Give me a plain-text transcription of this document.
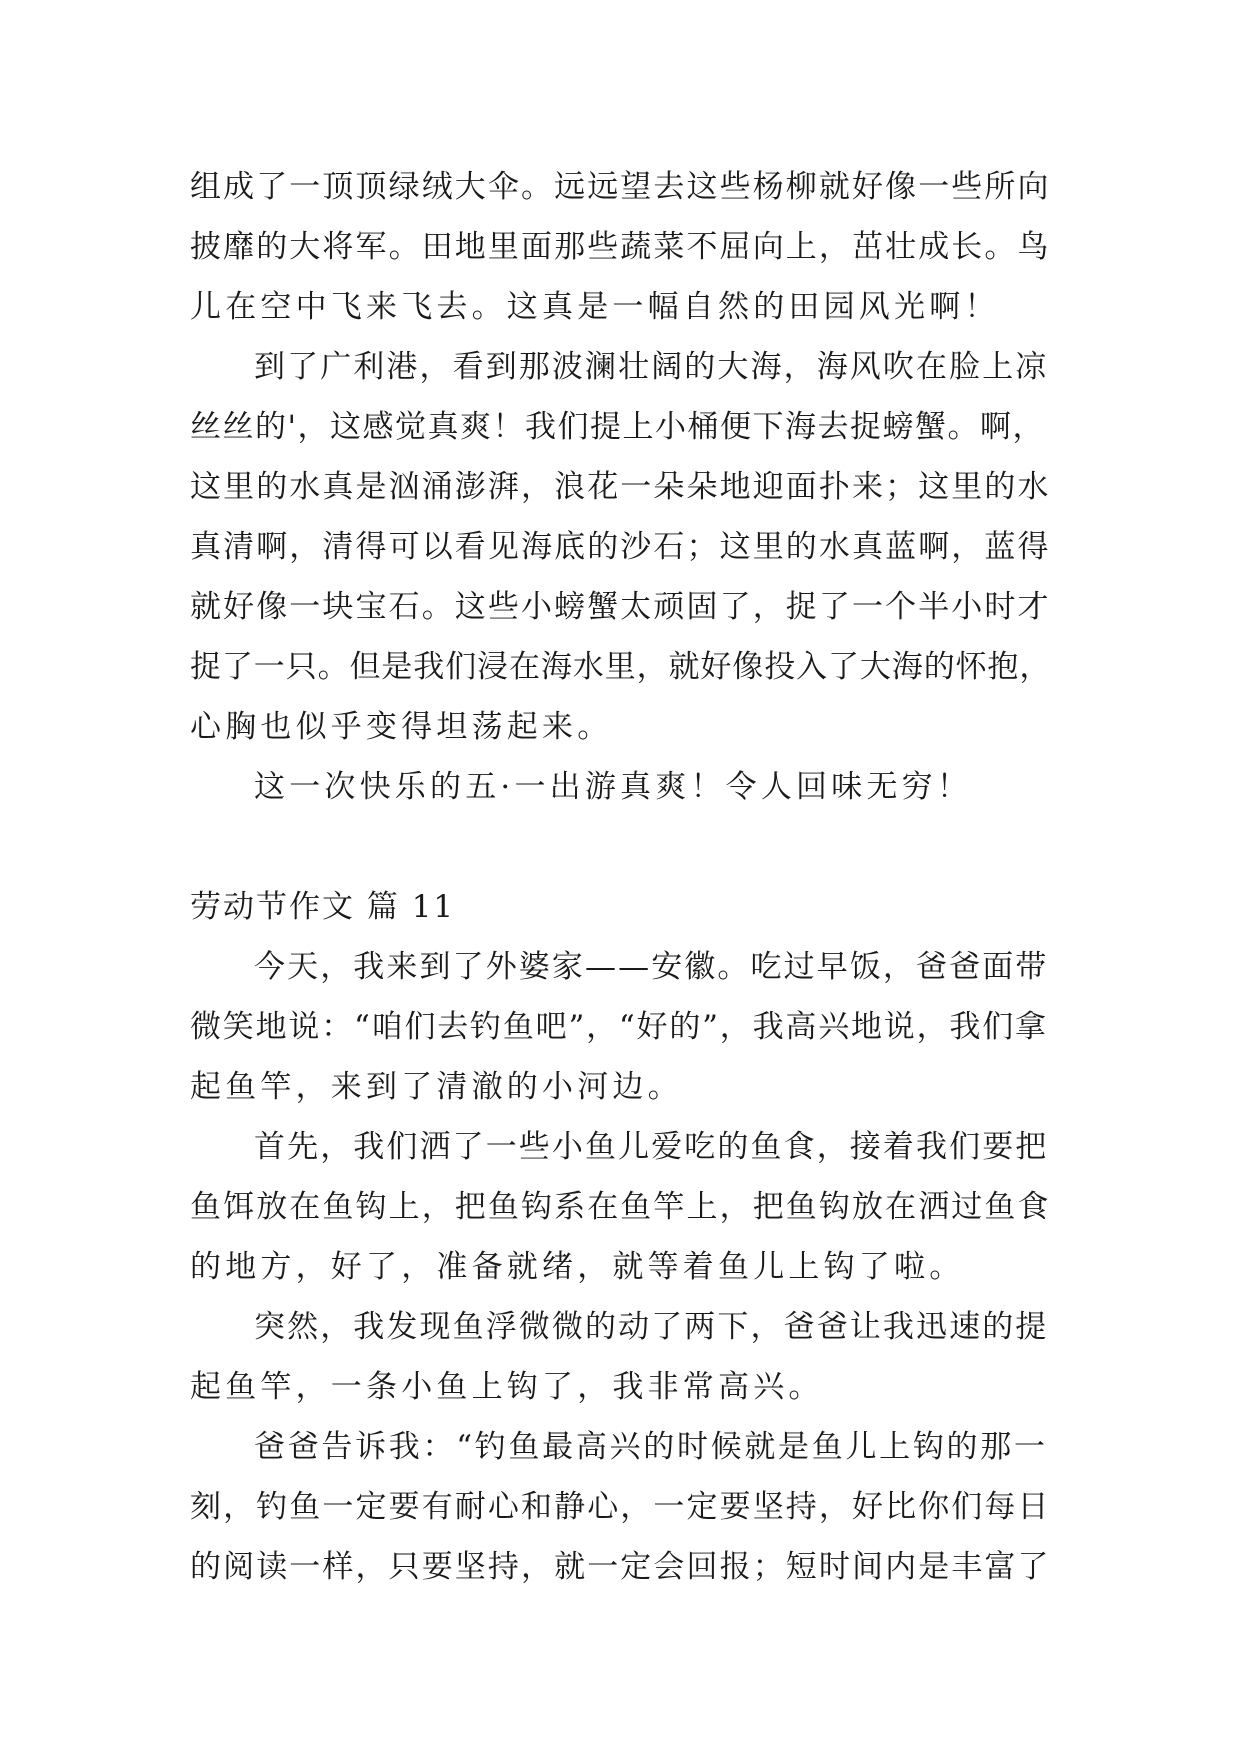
组成了一顶顶绿绒大伞。远远望去这些杨柳就好像一些所向
披靡的大将军。田地里面那些蔬菜不屈向上，茁壮成长。鸟
儿在空中飞来飞去。这真是一幅自然的田园风光啊！
到了广利港，看到那波澜壮阔的大海，海风吹在脸上凉
丝丝的'，这感觉真爽！我们提上小桶便下海去捉螃蟹。啊，
这里的水真是汹涌澎湃，浪花一朵朵地迎面扑来；这里的水
真清啊，清得可以看见海底的沙石；这里的水真蓝啊，蓝得
就好像一块宝石。这些小螃蟹太顽固了，捉了一个半小时才
捉了一只。但是我们浸在海水里，就好像投入了大海的怀抱，
心胸也似乎变得坦荡起来。
这一次快乐的五·一出游真爽！令人回味无穷！
劳动节作文 篇 11
今天，我来到了外婆家——安徽。吃过早饭，爸爸面带
微笑地说：“咱们去钓鱼吧”，“好的”，我高兴地说，我们拿
起鱼竿，来到了清澈的小河边。
首先，我们洒了一些小鱼儿爱吃的鱼食，接着我们要把
鱼饵放在鱼钩上，把鱼钩系在鱼竿上，把鱼钩放在洒过鱼食
的地方，好了，准备就绪，就等着鱼儿上钩了啦。
突然，我发现鱼浮微微的动了两下，爸爸让我迅速的提
起鱼竿，一条小鱼上钩了，我非常高兴。
爸爸告诉我：“钓鱼最高兴的时候就是鱼儿上钩的那一
刻，钓鱼一定要有耐心和静心，一定要坚持，好比你们每日
的阅读一样，只要坚持，就一定会回报；短时间内是丰富了
